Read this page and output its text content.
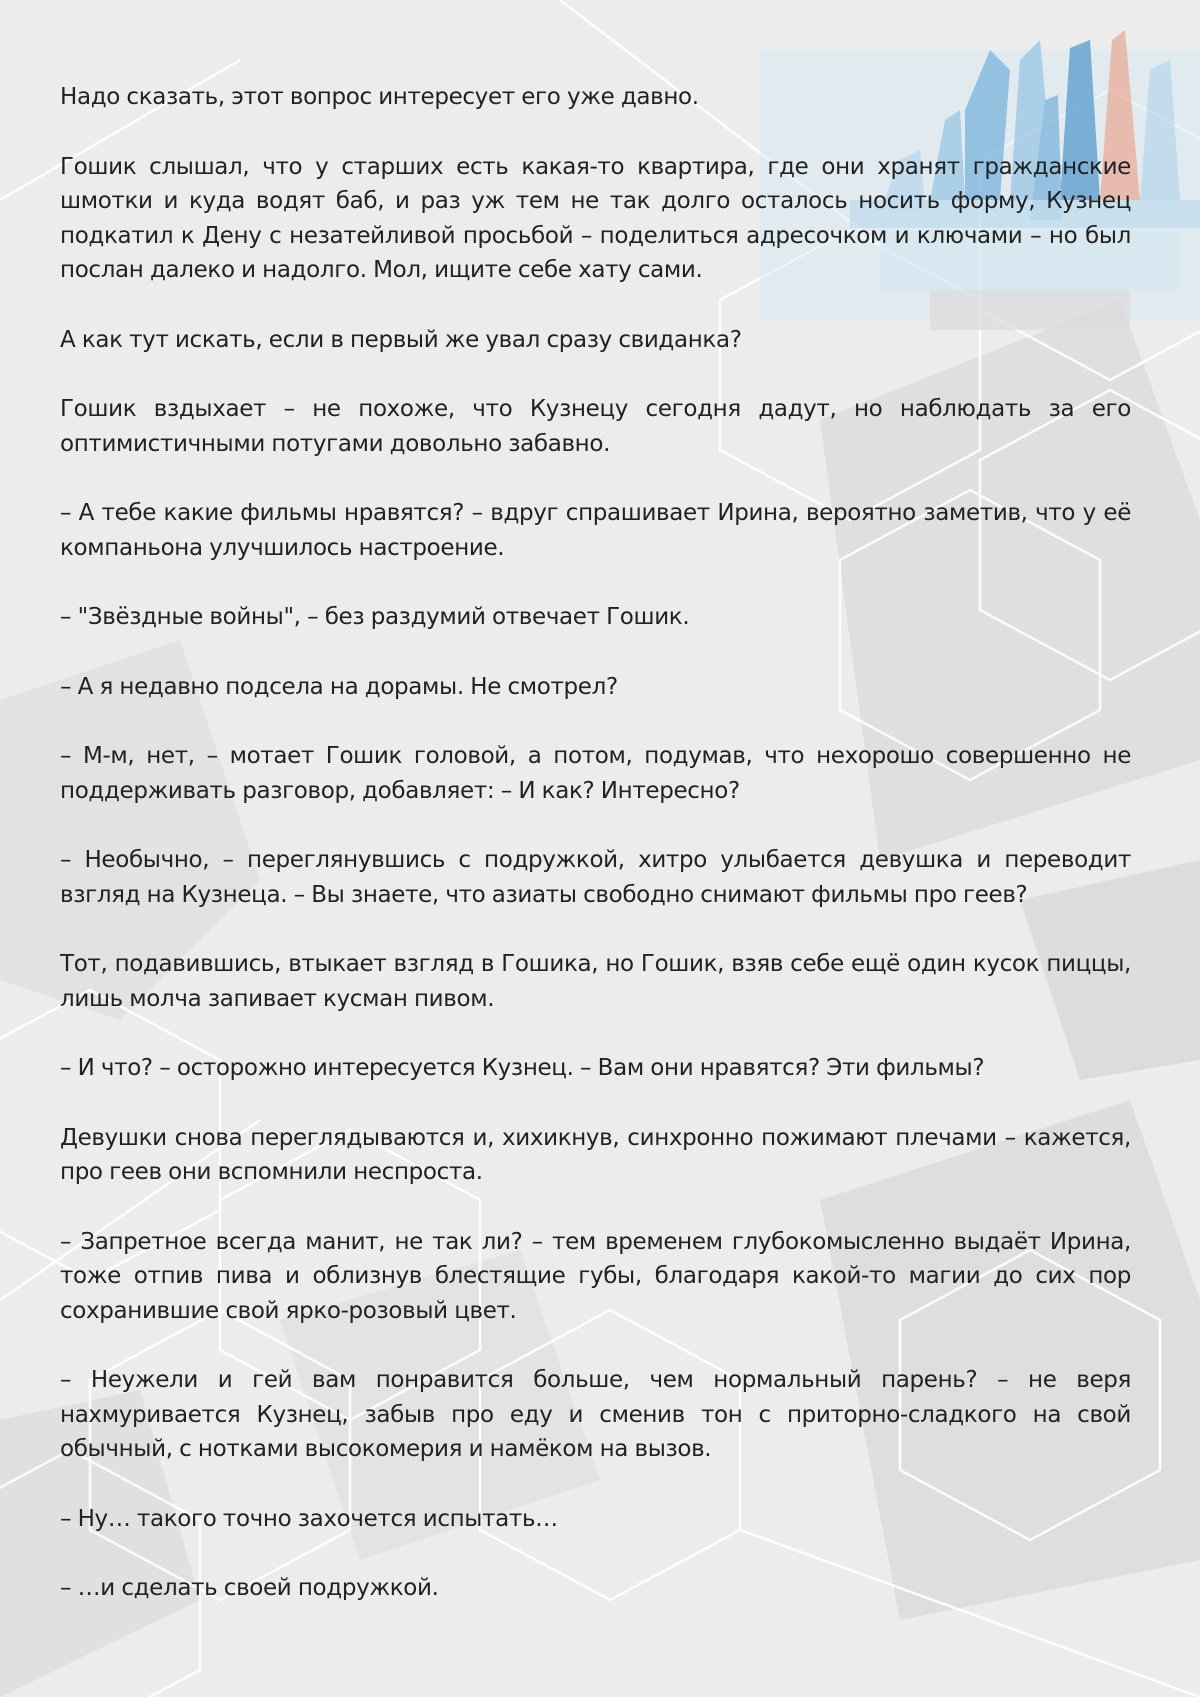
Надо сказать, этот вопрос интересует его уже давно.

Гошик слышал, что у старших есть какая-то квартира, где они хранят гражданские шмотки и куда водят баб, и раз уж тем не так долго осталось носить форму, Кузнец подкатил к Дену с незатейливой просьбой – поделиться адресочком и ключами – но был послан далеко и надолго. Мол, ищите себе хату сами.

А как тут искать, если в первый же увал сразу свиданка?

Гошик вздыхает – не похоже, что Кузнецу сегодня дадут, но наблюдать за его оптимистичными потугами довольно забавно.

– А тебе какие фильмы нравятся? – вдруг спрашивает Ирина, вероятно заметив, что у её компаньона улучшилось настроение.

– "Звёздные войны", – без раздумий отвечает Гошик.

– А я недавно подсела на дорамы. Не смотрел?

– М-м, нет, – мотает Гошик головой, а потом, подумав, что нехорошо совершенно не поддерживать разговор, добавляет: – И как? Интересно?

– Необычно, – переглянувшись с подружкой, хитро улыбается девушка и переводит взгляд на Кузнеца. – Вы знаете, что азиаты свободно снимают фильмы про геев?

Тот, подавившись, втыкает взгляд в Гошика, но Гошик, взяв себе ещё один кусок пиццы, лишь молча запивает кусман пивом.

– И что? – осторожно интересуется Кузнец. – Вам они нравятся? Эти фильмы?

Девушки снова переглядываются и, хихикнув, синхронно пожимают плечами – кажется, про геев они вспомнили неспроста.

– Запретное всегда манит, не так ли? – тем временем глубокомысленно выдаёт Ирина, тоже отпив пива и облизнув блестящие губы, благодаря какой-то магии до сих пор сохранившие свой ярко-розовый цвет.

– Неужели и гей вам понравится больше, чем нормальный парень? – не веря нахмуривается Кузнец, забыв про еду и сменив тон с приторно-сладкого на свой обычный, с нотками высокомерия и намёком на вызов.

– Ну… такого точно захочется испытать…

– …и сделать своей подружкой.
